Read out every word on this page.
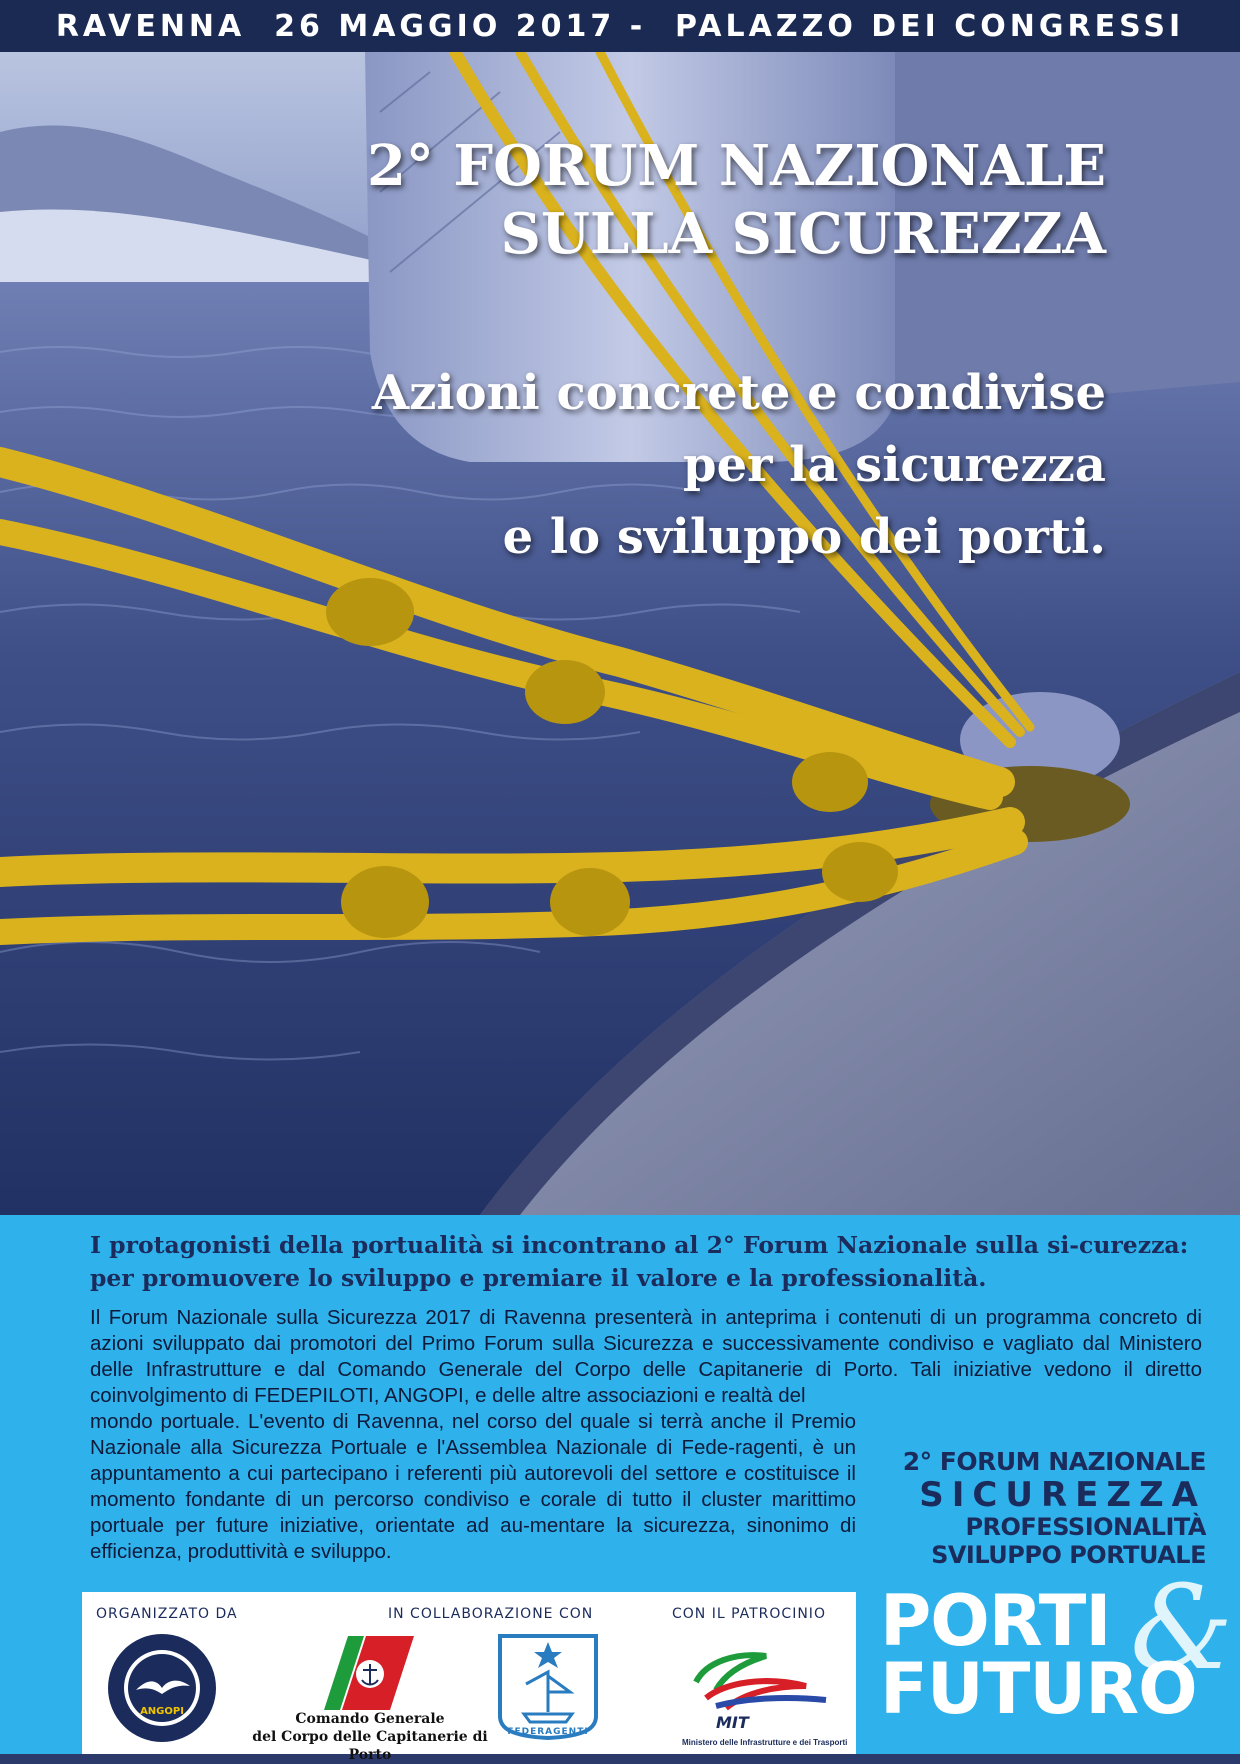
RAVENNA  26 MAGGIO 2017 -  PALAZZO DEI CONGRESSI
2° FORUM NAZIONALE
SULLA SICUREZZA
Azioni concrete e condivise
per la sicurezza
e lo sviluppo dei porti.
I protagonisti della portualità si incontrano al 2° Forum Nazionale sulla si-curezza: per promuovere lo sviluppo e premiare il valore e la professionalità.
Il Forum Nazionale sulla Sicurezza 2017 di Ravenna presenterà in anteprima i contenuti di un programma concreto di azioni sviluppato dai promotori del Primo Forum sulla Sicurezza e successivamente condiviso e vagliato dal Ministero delle Infrastrutture e dal Comando Generale del Corpo delle Capitanerie di Porto. Tali iniziative vedono il diretto coinvolgimento di FEDEPILOTI, ANGOPI, e delle altre associazioni e realtà del
mondo portuale. L'evento di Ravenna, nel corso del quale si terrà anche il Premio Nazionale alla Sicurezza Portuale e l'Assemblea Nazionale di Fede-ragenti, è un appuntamento a cui partecipano i referenti più autorevoli del settore e costituisce il momento fondante di un percorso condiviso e corale di tutto il cluster marittimo portuale per future iniziative, orientate ad au-mentare la sicurezza, sinonimo di efficienza, produttività e sviluppo.
2° FORUM NAZIONALE
SICUREZZA
PROFESSIONALITÀ
SVILUPPO PORTUALE
PORTI
FUTURO
&
ORGANIZZATO DA	IN COLLABORAZIONE CON	CON IL PATROCINIO
ANGOPI	Comando Generale
del Corpo delle Capitanerie di Porto
FEDERAGENTI	MIT
Ministero delle Infrastrutture e dei Trasporti
